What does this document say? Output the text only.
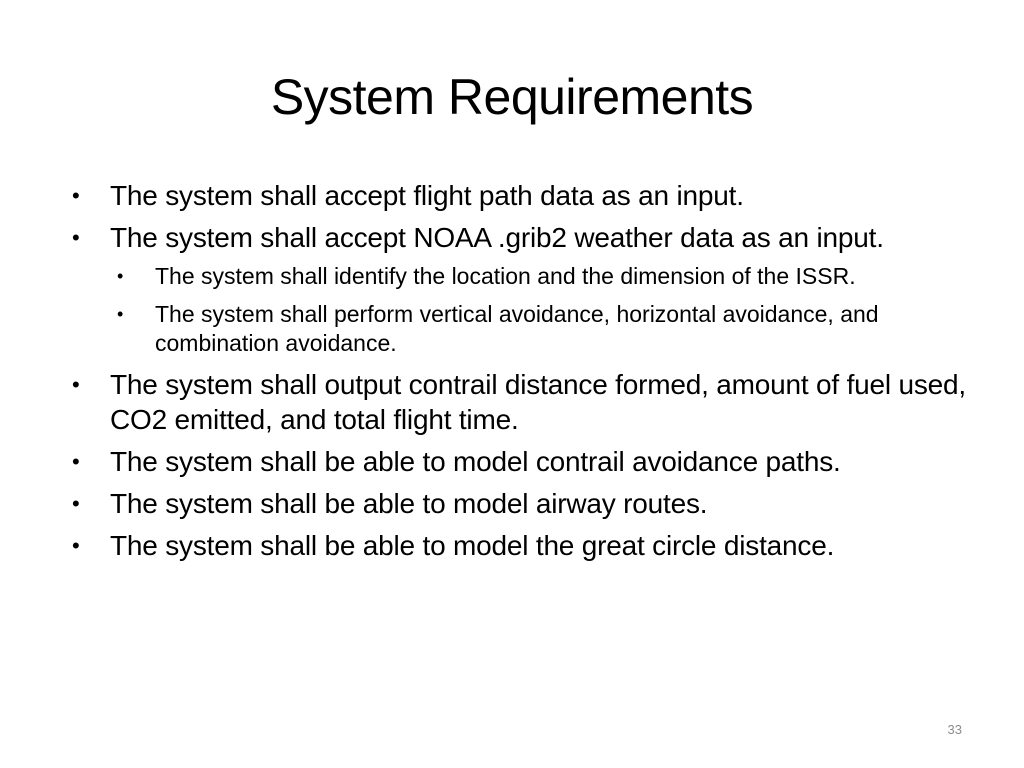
System Requirements
• The system shall accept flight path data as an input.
• The system shall accept NOAA .grib2 weather data as an input.
• The system shall identify the location and the dimension of the ISSR.
• The system shall perform vertical avoidance, horizontal avoidance, and combination avoidance.
• The system shall output contrail distance formed, amount of fuel used, CO2 emitted, and total flight time.
• The system shall be able to model contrail avoidance paths.
• The system shall be able to model airway routes.
• The system shall be able to model the great circle distance.
33
